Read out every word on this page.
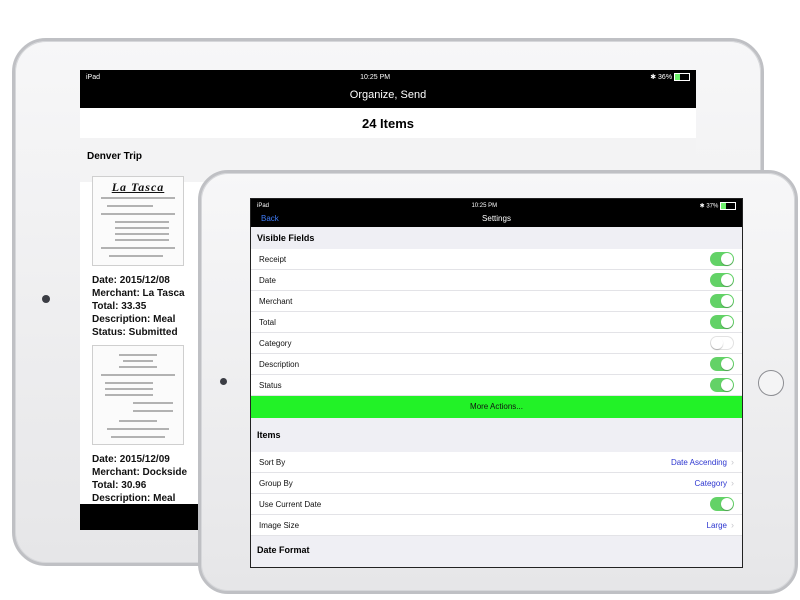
iPad	10:25 PM	✱ 36%
Organize, Send
24 Items
Denver Trip
La Tasca
Date: 2015/12/08
Merchant: La Tasca
Total: 33.35
Description: Meal
Status: Submitted
Date: 2015/12/09
Merchant: Dockside
Total: 30.96
Description: Meal
iPad	10:25 PM	✱ 37%
Back	Settings
Visible Fields
Receipt
Date
Merchant
Total
Category
Description
Status
More Actions...
Items
Sort By	Date Ascending ›
Group By	Category ›
Use Current Date
Image Size	Large ›
Date Format
